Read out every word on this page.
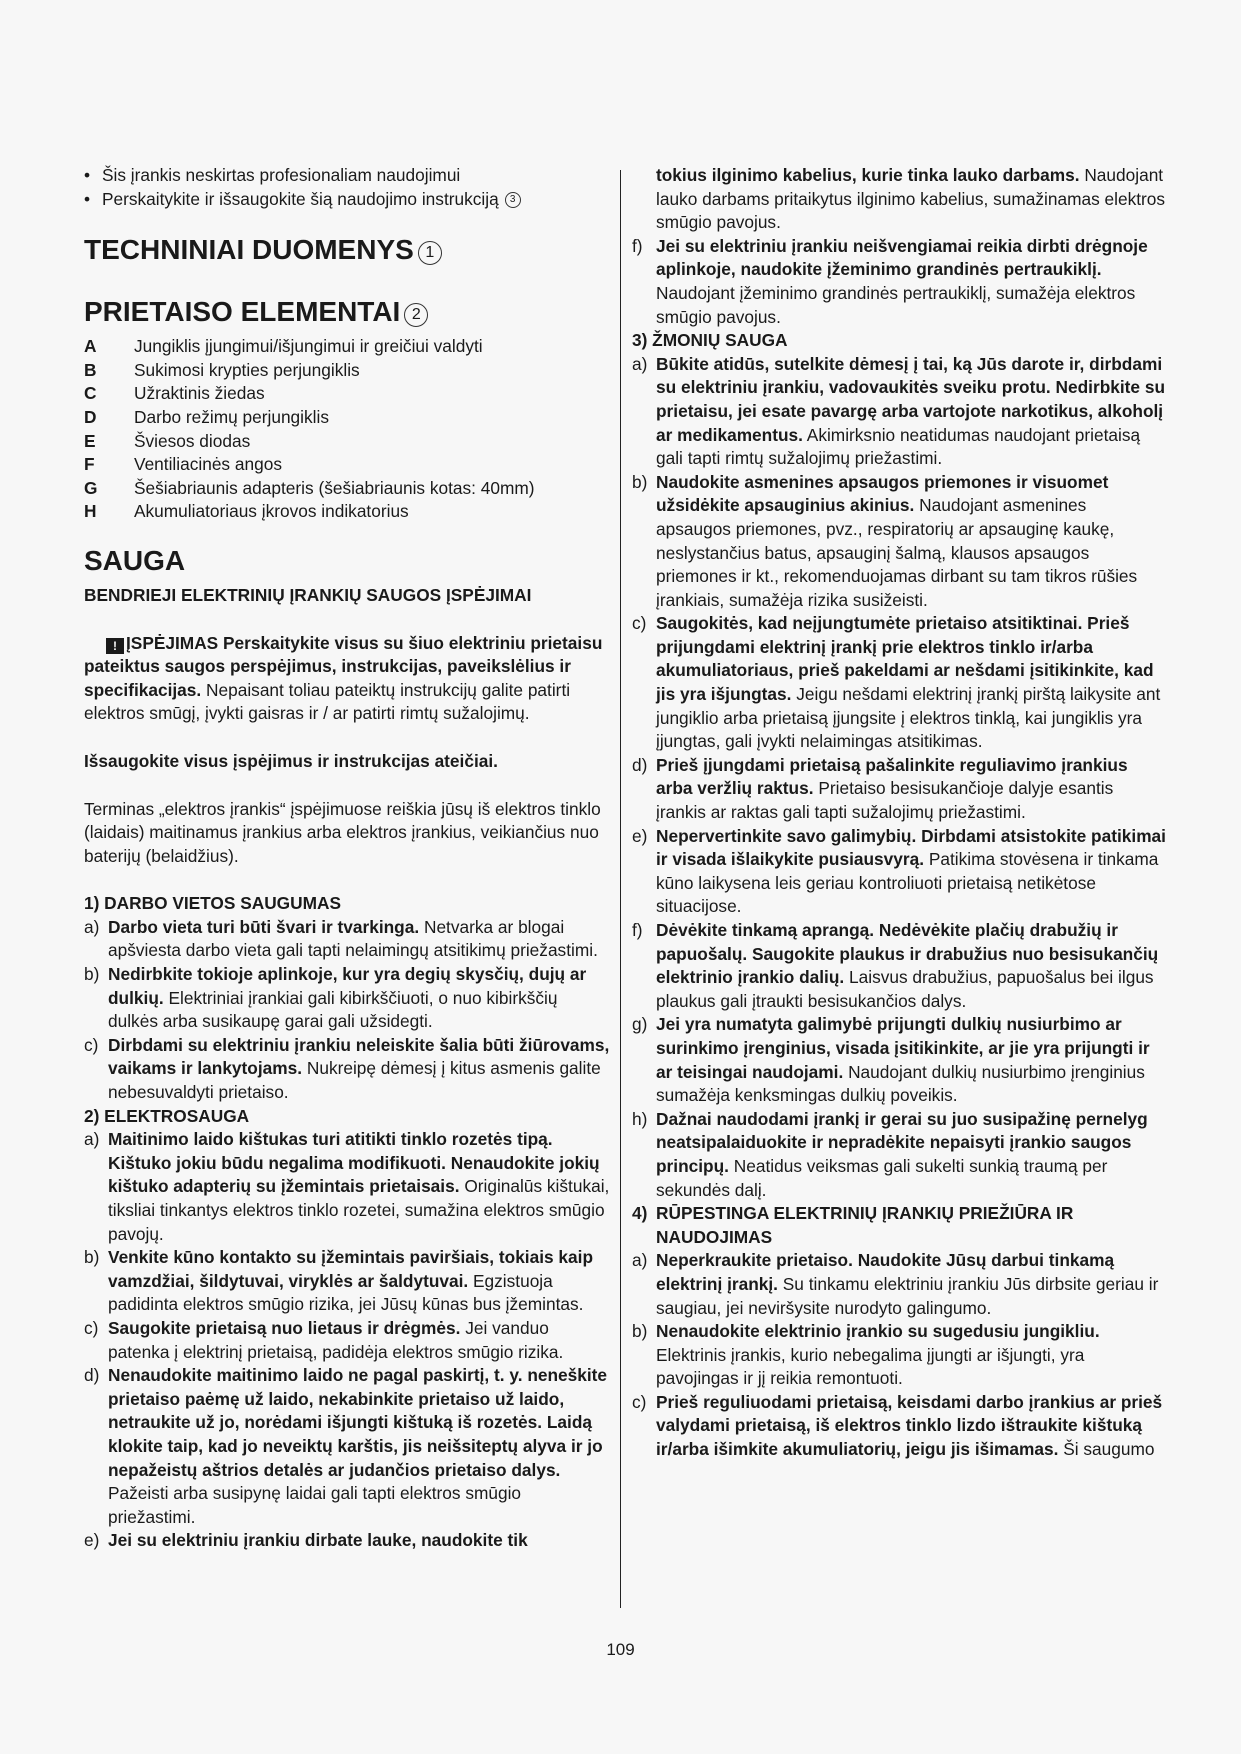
• Šis įrankis neskirtas profesionaliam naudojimui
• Perskaitykite ir išsaugokite šią naudojimo instrukciją 3
TECHNINIAI DUOMENYS 1
PRIETAISO ELEMENTAI 2
A	Jungiklis įjungimui/išjungimui ir greičiui valdyti
B	Sukimosi krypties perjungiklis
C	Užraktinis žiedas
D	Darbo režimų perjungiklis
E	Šviesos diodas
F	Ventiliacinės angos
G	Šešiabriaunis adapteris (šešiabriaunis kotas: 40mm)
H	Akumuliatoriaus įkrovos indikatorius
SAUGA
BENDRIEJI ELEKTRINIŲ ĮRANKIŲ SAUGOS ĮSPĖJIMAI

! ĮSPĖJIMAS Perskaitykite visus su šiuo elektriniu prietaisu pateiktus saugos perspėjimus, instrukcijas, paveikslėlius ir specifikacijas. Nepaisant toliau pateiktų instrukcijų galite patirti elektros smūgį, įvykti gaisras ir / ar patirti rimtų sužalojimų.

Išsaugokite visus įspėjimus ir instrukcijas ateičiai.

Terminas „elektros įrankis“ įspėjimuose reiškia jūsų iš elektros tinklo (laidais) maitinamus įrankius arba elektros įrankius, veikiančius nuo baterijų (belaidžius).

1) DARBO VIETOS SAUGUMAS
a) Darbo vieta turi būti švari ir tvarkinga. Netvarka ar blogai apšviesta darbo vieta gali tapti nelaimingų atsitikimų priežastimi.
b) Nedirbkite tokioje aplinkoje, kur yra degių skysčių, dujų ar dulkių. Elektriniai įrankiai gali kibirkščiuoti, o nuo kibirkščių dulkės arba susikaupę garai gali užsidegti.
c) Dirbdami su elektriniu įrankiu neleiskite šalia būti žiūrovams, vaikams ir lankytojams. Nukreipę dėmesį į kitus asmenis galite nebesuvaldyti prietaiso.
2) ELEKTROSAUGA
a) Maitinimo laido kištukas turi atitikti tinklo rozetės tipą. Kištuko jokiu būdu negalima modifikuoti. Nenaudokite jokių kištuko adapterių su įžemintais prietaisais. Originalūs kištukai, tiksliai tinkantys elektros tinklo rozetei, sumažina elektros smūgio pavojų.
b) Venkite kūno kontakto su įžemintais paviršiais, tokiais kaip vamzdžiai, šildytuvai, viryklės ar šaldytuvai. Egzistuoja padidinta elektros smūgio rizika, jei Jūsų kūnas bus įžemintas.
c) Saugokite prietaisą nuo lietaus ir drėgmės. Jei vanduo patenka į elektrinį prietaisą, padidėja elektros smūgio rizika.
d) Nenaudokite maitinimo laido ne pagal paskirtį, t. y. neneškite prietaiso paėmę už laido, nekabinkite prietaiso už laido, netraukite už jo, norėdami išjungti kištuką iš rozetės. Laidą klokite taip, kad jo neveiktų karštis, jis neišsiteptų alyva ir jo nepažeistų aštrios detalės ar judančios prietaiso dalys. Pažeisti arba susipynę laidai gali tapti elektros smūgio priežastimi.
e) Jei su elektriniu įrankiu dirbate lauke, naudokite tik

tokius ilginimo kabelius, kurie tinka lauko darbams. Naudojant lauko darbams pritaikytus ilginimo kabelius, sumažinamas elektros smūgio pavojus.

f) Jei su elektriniu įrankiu neišvengiamai reikia dirbti drėgnoje aplinkoje, naudokite įžeminimo grandinės pertraukiklį. Naudojant įžeminimo grandinės pertraukiklį, sumažėja elektros smūgio pavojus.
3) ŽMONIŲ SAUGA
a) Būkite atidūs, sutelkite dėmesį į tai, ką Jūs darote ir, dirbdami su elektriniu įrankiu, vadovaukitės sveiku protu. Nedirbkite su prietaisu, jei esate pavargę arba vartojote narkotikus, alkoholį ar medikamentus. Akimirksnio neatidumas naudojant prietaisą gali tapti rimtų sužalojimų priežastimi.
b) Naudokite asmenines apsaugos priemones ir visuomet užsidėkite apsauginius akinius. Naudojant asmenines apsaugos priemones, pvz., respiratorių ar apsauginę kaukę, neslystančius batus, apsauginį šalmą, klausos apsaugos priemones ir kt., rekomenduojamas dirbant su tam tikros rūšies įrankiais, sumažėja rizika susižeisti.
c) Saugokitės, kad neįjungtumėte prietaiso atsitiktinai. Prieš prijungdami elektrinį įrankį prie elektros tinklo ir/arba akumuliatoriaus, prieš pakeldami ar nešdami įsitikinkite, kad jis yra išjungtas. Jeigu nešdami elektrinį įrankį pirštą laikysite ant jungiklio arba prietaisą įjungsite į elektros tinklą, kai jungiklis yra įjungtas, gali įvykti nelaimingas atsitikimas.
d) Prieš įjungdami prietaisą pašalinkite reguliavimo įrankius arba veržlių raktus. Prietaiso besisukančioje dalyje esantis įrankis ar raktas gali tapti sužalojimų priežastimi.
e) Nepervertinkite savo galimybių. Dirbdami atsistokite patikimai ir visada išlaikykite pusiausvyrą. Patikima stovėsena ir tinkama kūno laikysena leis geriau kontroliuoti prietaisą netikėtose situacijose.
f) Dėvėkite tinkamą aprangą. Nedėvėkite plačių drabužių ir papuošalų. Saugokite plaukus ir drabužius nuo besisukančių elektrinio įrankio dalių. Laisvus drabužius, papuošalus bei ilgus plaukus gali įtraukti besisukančios dalys.
g) Jei yra numatyta galimybė prijungti dulkių nusiurbimo ar surinkimo įrenginius, visada įsitikinkite, ar jie yra prijungti ir ar teisingai naudojami. Naudojant dulkių nusiurbimo įrenginius sumažėja kenksmingas dulkių poveikis.
h) Dažnai naudodami įrankį ir gerai su juo susipažinę pernelyg neatsipalaiduokite ir nepradėkite nepaisyti įrankio saugos principų. Neatidus veiksmas gali sukelti sunkią traumą per sekundės dalį.
4) RŪPESTINGA ELEKTRINIŲ ĮRANKIŲ PRIEŽIŪRA IR NAUDOJIMAS
a) Neperkraukite prietaiso. Naudokite Jūsų darbui tinkamą elektrinį įrankį. Su tinkamu elektriniu įrankiu Jūs dirbsite geriau ir saugiau, jei neviršysite nurodyto galingumo.
b) Nenaudokite elektrinio įrankio su sugedusiu jungikliu. Elektrinis įrankis, kurio nebegalima įjungti ar išjungti, yra pavojingas ir jį reikia remontuoti.
c) Prieš reguliuodami prietaisą, keisdami darbo įrankius ar prieš valydami prietaisą, iš elektros tinklo lizdo ištraukite kištuką ir/arba išimkite akumuliatorių, jeigu jis išimamas. Ši saugumo
109
